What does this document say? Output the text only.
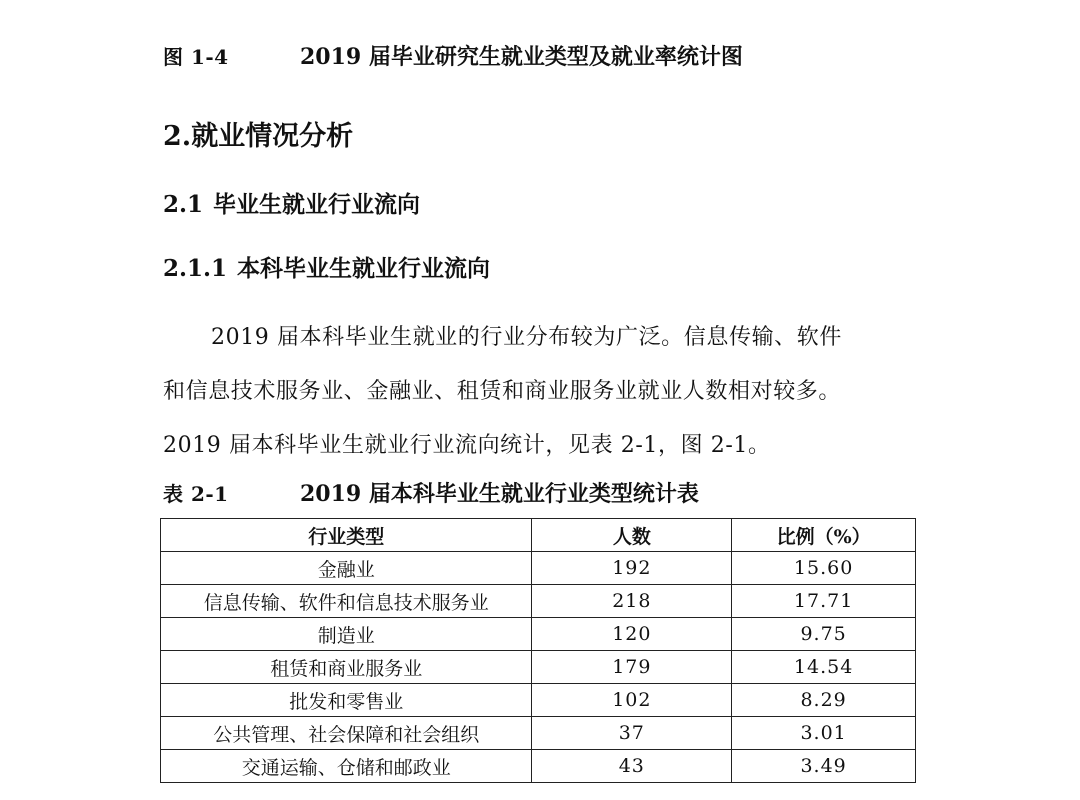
图 1-4	2019 届毕业研究生就业类型及就业率统计图
2.就业情况分析
2.1 毕业生就业行业流向
2.1.1 本科毕业生就业行业流向
2019 届本科毕业生就业的行业分布较为广泛。信息传输、软件
和信息技术服务业、金融业、租赁和商业服务业就业人数相对较多。
2019 届本科毕业生就业行业流向统计，见表 2-1，图 2-1。
表 2-1	2019 届本科毕业生就业行业类型统计表
行业类型	人数	比例（%）
金融业	192	15.60
信息传输、软件和信息技术服务业	218	17.71
制造业	120	9.75
租赁和商业服务业	179	14.54
批发和零售业	102	8.29
公共管理、社会保障和社会组织	37	3.01
交通运输、仓储和邮政业	43	3.49
